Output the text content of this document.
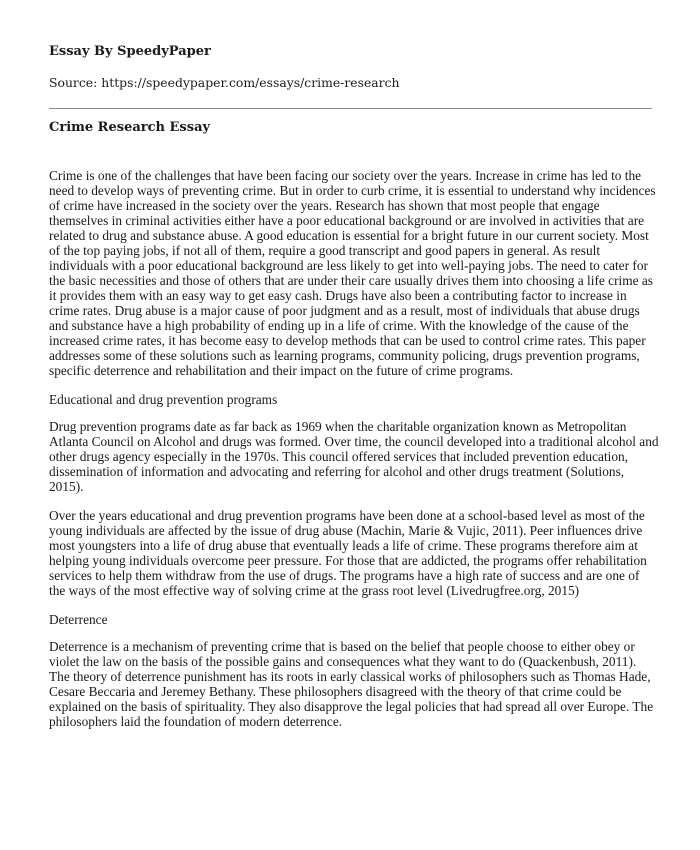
Essay By SpeedyPaper
Source: https://speedypaper.com/essays/crime-research
Crime Research Essay

Crime is one of the challenges that have been facing our society over the years. Increase in crime has led to the need to develop ways of preventing crime. But in order to curb crime, it is essential to understand why incidences of crime have increased in the society over the years. Research has shown that most people that engage themselves in criminal activities either have a poor educational background or are involved in activities that are related to drug and substance abuse. A good education is essential for a bright future in our current society. Most of the top paying jobs, if not all of them, require a good transcript and good papers in general. As result individuals with a poor educational background are less likely to get into well-paying jobs. The need to cater for the basic necessities and those of others that are under their care usually drives them into choosing a life crime as it provides them with an easy way to get easy cash. Drugs have also been a contributing factor to increase in crime rates. Drug abuse is a major cause of poor judgment and as a result, most of individuals that abuse drugs and substance have a high probability of ending up in a life of crime. With the knowledge of the cause of the increased crime rates, it has become easy to develop methods that can be used to control crime rates. This paper addresses some of these solutions such as learning programs, community policing, drugs prevention programs, specific deterrence and rehabilitation and their impact on the future of crime programs.

Educational and drug prevention programs

Drug prevention programs date as far back as 1969 when the charitable organization known as Metropolitan Atlanta Council on Alcohol and drugs was formed. Over time, the council developed into a traditional alcohol and other drugs agency especially in the 1970s. This council offered services that included prevention education, dissemination of information and advocating and referring for alcohol and other drugs treatment (Solutions, 2015).

Over the years educational and drug prevention programs have been done at a school-based level as most of the young individuals are affected by the issue of drug abuse (Machin, Marie & Vujic, 2011). Peer influences drive most youngsters into a life of drug abuse that eventually leads a life of crime. These programs therefore aim at helping young individuals overcome peer pressure. For those that are addicted, the programs offer rehabilitation services to help them withdraw from the use of drugs. The programs have a high rate of success and are one of the ways of the most effective way of solving crime at the grass root level (Livedrugfree.org, 2015)

Deterrence

Deterrence is a mechanism of preventing crime that is based on the belief that people choose to either obey or violet the law on the basis of the possible gains and consequences what they want to do (Quackenbush, 2011). The theory of deterrence punishment has its roots in early classical works of philosophers such as Thomas Hade, Cesare Beccaria and Jeremey Bethany. These philosophers disagreed with the theory of that crime could be explained on the basis of spirituality. They also disapprove the legal policies that had spread all over Europe. The philosophers laid the foundation of modern deterrence.
